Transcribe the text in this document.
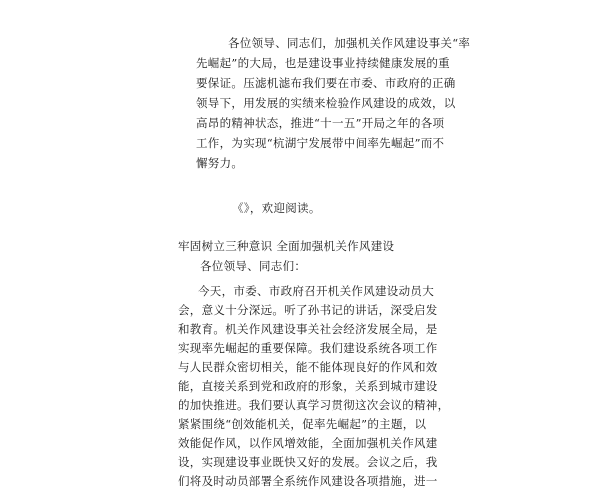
各位领导、同志们，加强机关作风建设事关“率
先崛起”的大局，也是建设事业持续健康发展的重
要保证。压滤机滤布我们要在市委、市政府的正确
领导下，用发展的实绩来检验作风建设的成效，以
高昂的精神状态，推进“十一五”开局之年的各项
工作，为实现“杭湖宁发展带中间率先崛起”而不
懈努力。
《》，欢迎阅读。
牢固树立三种意识 全面加强机关作风建设
各位领导、同志们：
今天，市委、市政府召开机关作风建设动员大
会，意义十分深远。听了孙书记的讲话，深受启发
和教育。机关作风建设事关社会经济发展全局，是
实现率先崛起的重要保障。我们建设系统各项工作
与人民群众密切相关，能不能体现良好的作风和效
能，直接关系到党和政府的形象，关系到城市建设
的加快推进。我们要认真学习贯彻这次会议的精神，
紧紧围绕“创效能机关，促率先崛起”的主题，以
效能促作风，以作风增效能，全面加强机关作风建
设，实现建设事业既快又好的发展。会议之后，我
们将及时动员部署全系统作风建设各项措施，进一
